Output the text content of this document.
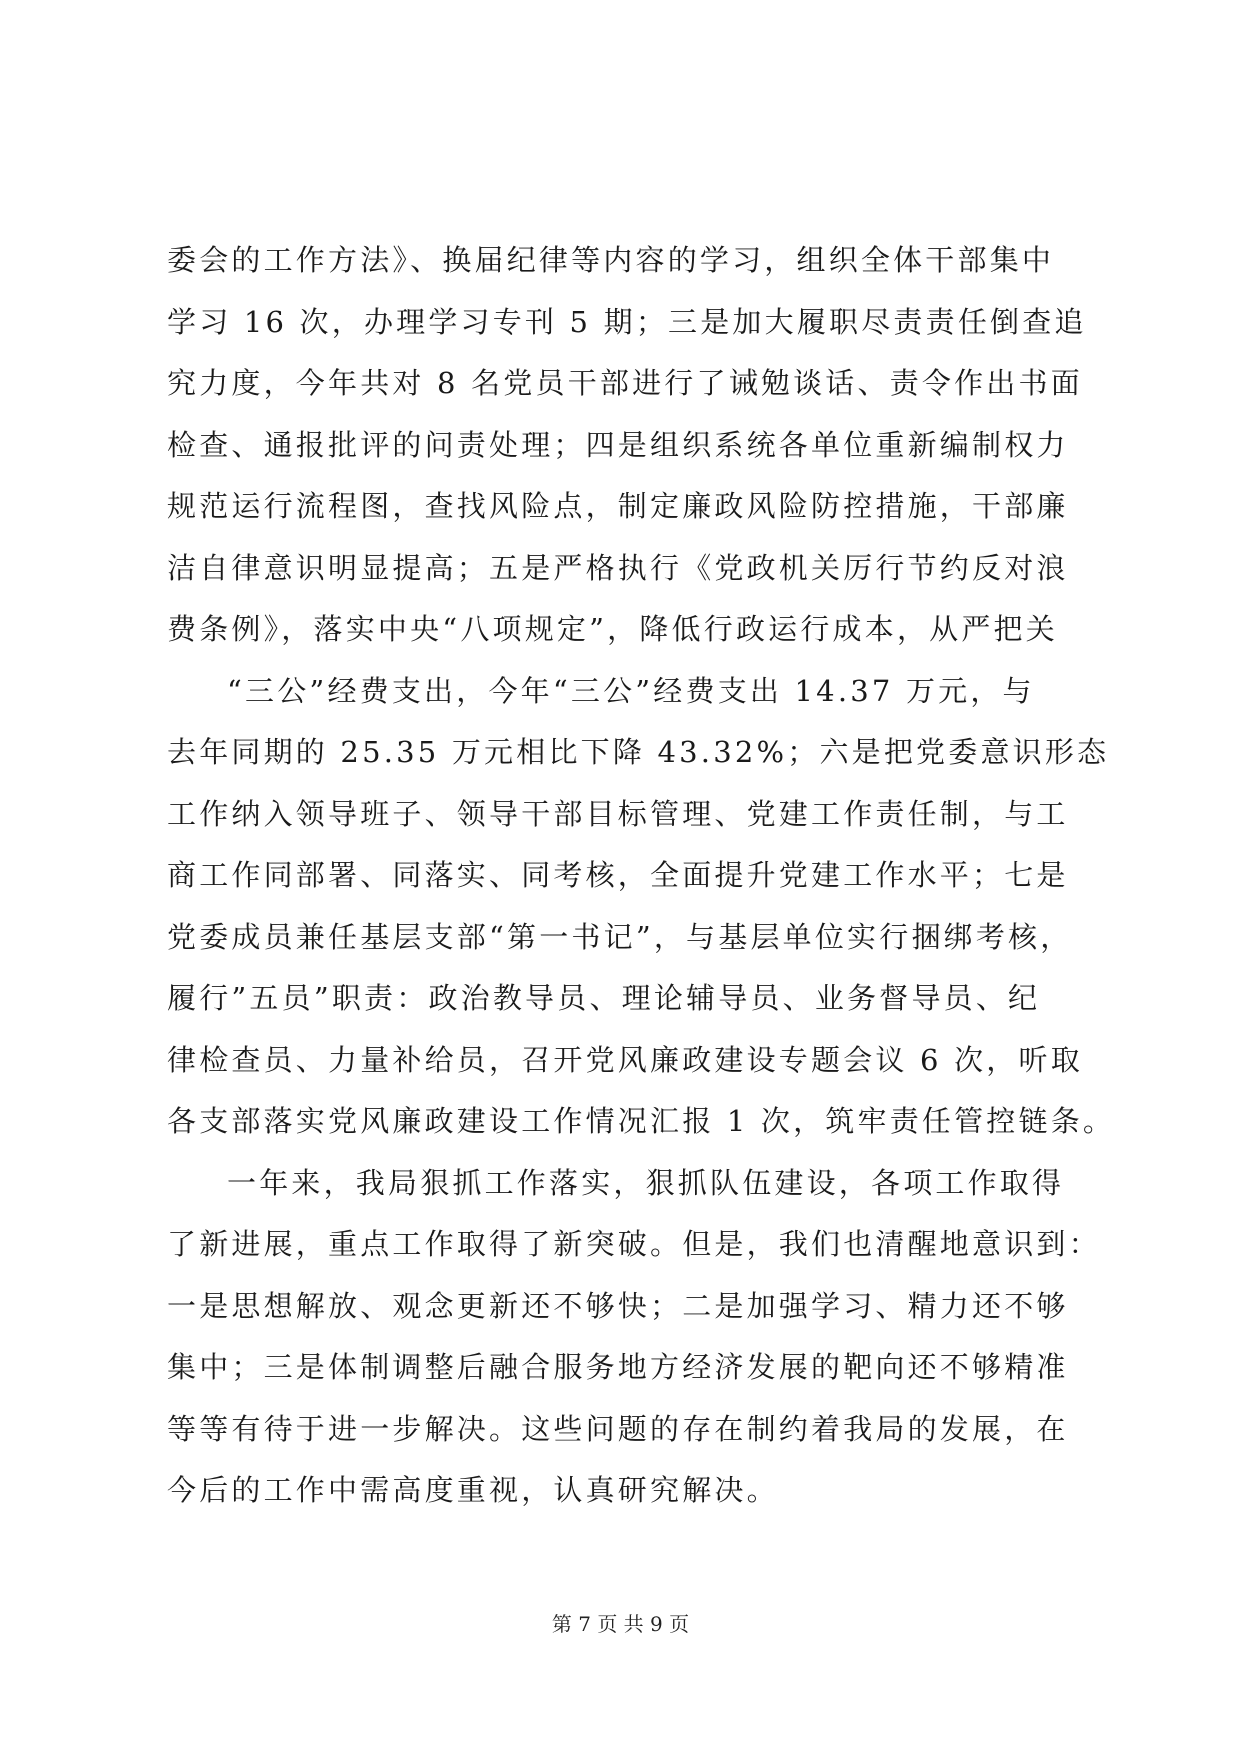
委会的工作方法》、换届纪律等内容的学习，组织全体干部集中
学习 16 次，办理学习专刊 5 期；三是加大履职尽责责任倒查追
究力度，今年共对 8 名党员干部进行了诫勉谈话、责令作出书面
检查、通报批评的问责处理；四是组织系统各单位重新编制权力
规范运行流程图，查找风险点，制定廉政风险防控措施，干部廉
洁自律意识明显提高；五是严格执行《党政机关厉行节约反对浪
费条例》，落实中央“八项规定”，降低行政运行成本，从严把关
“三公”经费支出，今年“三公”经费支出 14.37 万元，与
去年同期的 25.35 万元相比下降 43.32%；六是把党委意识形态
工作纳入领导班子、领导干部目标管理、党建工作责任制，与工
商工作同部署、同落实、同考核，全面提升党建工作水平；七是
党委成员兼任基层支部“第一书记”，与基层单位实行捆绑考核，
履行”五员”职责：政治教导员、理论辅导员、业务督导员、纪
律检查员、力量补给员，召开党风廉政建设专题会议 6 次，听取
各支部落实党风廉政建设工作情况汇报 1 次，筑牢责任管控链条。
一年来，我局狠抓工作落实，狠抓队伍建设，各项工作取得
了新进展，重点工作取得了新突破。但是，我们也清醒地意识到：
一是思想解放、观念更新还不够快；二是加强学习、精力还不够
集中；三是体制调整后融合服务地方经济发展的靶向还不够精准
等等有待于进一步解决。这些问题的存在制约着我局的发展，在
今后的工作中需高度重视，认真研究解决。
第 7 页 共 9 页
